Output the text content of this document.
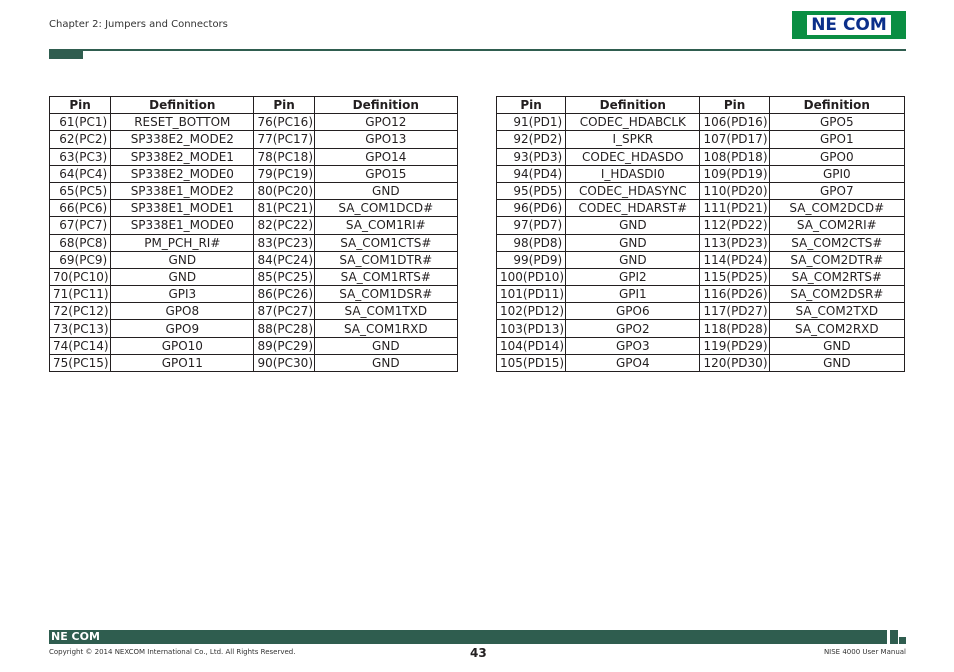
Chapter 2: Jumpers and Connectors	NE COM
Pin	Definition	Pin	Definition
61(PC1)	RESET_BOTTOM	76(PC16)	GPO12
62(PC2)	SP338E2_MODE2	77(PC17)	GPO13
63(PC3)	SP338E2_MODE1	78(PC18)	GPO14
64(PC4)	SP338E2_MODE0	79(PC19)	GPO15
65(PC5)	SP338E1_MODE2	80(PC20)	GND
66(PC6)	SP338E1_MODE1	81(PC21)	SA_COM1DCD#
67(PC7)	SP338E1_MODE0	82(PC22)	SA_COM1RI#
68(PC8)	PM_PCH_RI#	83(PC23)	SA_COM1CTS#
69(PC9)	GND	84(PC24)	SA_COM1DTR#
70(PC10)	GND	85(PC25)	SA_COM1RTS#
71(PC11)	GPI3	86(PC26)	SA_COM1DSR#
72(PC12)	GPO8	87(PC27)	SA_COM1TXD
73(PC13)	GPO9	88(PC28)	SA_COM1RXD
74(PC14)	GPO10	89(PC29)	GND
75(PC15)	GPO11	90(PC30)	GND
Pin	Definition	Pin	Definition
91(PD1)	CODEC_HDABCLK	106(PD16)	GPO5
92(PD2)	I_SPKR	107(PD17)	GPO1
93(PD3)	CODEC_HDASDO	108(PD18)	GPO0
94(PD4)	I_HDASDI0	109(PD19)	GPI0
95(PD5)	CODEC_HDASYNC	110(PD20)	GPO7
96(PD6)	CODEC_HDARST#	111(PD21)	SA_COM2DCD#
97(PD7)	GND	112(PD22)	SA_COM2RI#
98(PD8)	GND	113(PD23)	SA_COM2CTS#
99(PD9)	GND	114(PD24)	SA_COM2DTR#
100(PD10)	GPI2	115(PD25)	SA_COM2RTS#
101(PD11)	GPI1	116(PD26)	SA_COM2DSR#
102(PD12)	GPO6	117(PD27)	SA_COM2TXD
103(PD13)	GPO2	118(PD28)	SA_COM2RXD
104(PD14)	GPO3	119(PD29)	GND
105(PD15)	GPO4	120(PD30)	GND
NE COM
Copyright © 2014 NEXCOM International Co., Ltd. All Rights Reserved.	43	NISE 4000 User Manual
